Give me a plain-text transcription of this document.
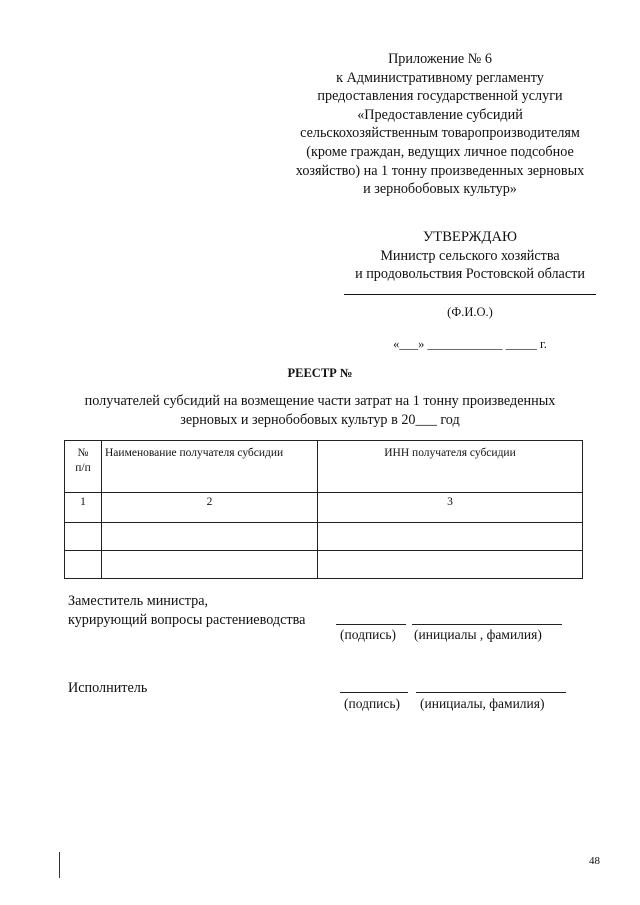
Приложение № 6
к Административному регламенту
предоставления государственной услуги
«Предоставление субсидий
сельскохозяйственным товаропроизводителям
(кроме граждан, ведущих личное подсобное
хозяйство) на 1 тонну произведенных зерновых
и зернобобовых культур»
УТВЕРЖДАЮ
Министр сельского хозяйства
и продовольствия Ростовской области
(Ф.И.О.)
«___» ____________ _____ г.
РЕЕСТР №
получателей субсидий на возмещение части затрат на 1 тонну произведенных
зерновых и зернобобовых культур в 20___ год
№
п/п	Наименование получателя субсидии	ИНН получателя субсидии
1	2	3

Заместитель министра,
курирующий вопросы растениеводства
(подпись) (инициалы , фамилия)
Исполнитель
(подпись) (инициалы, фамилия)
48
